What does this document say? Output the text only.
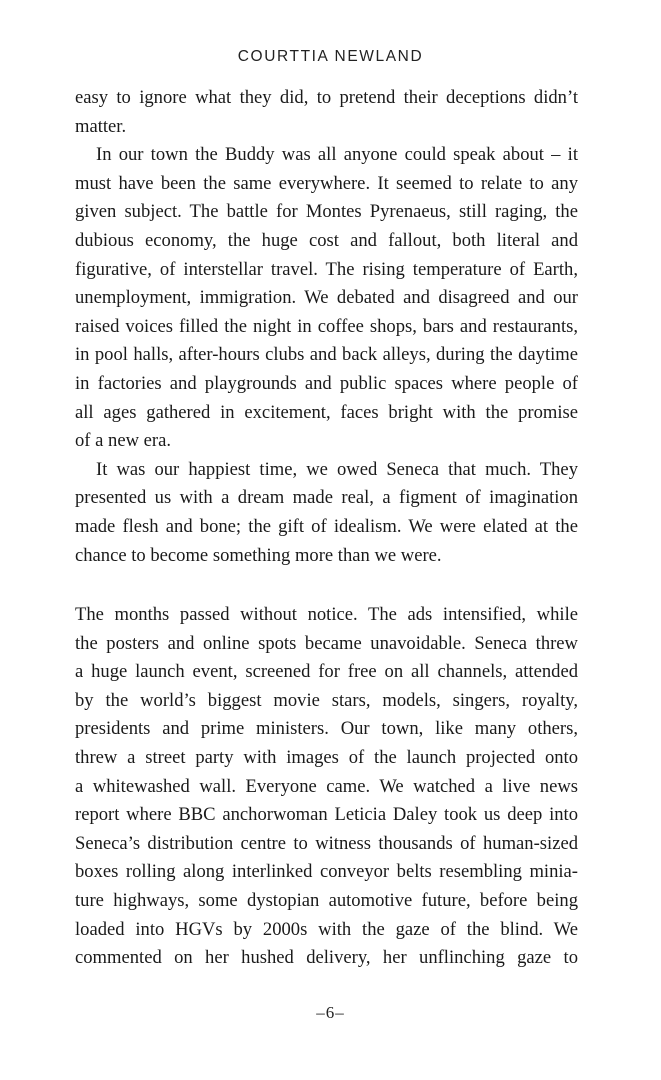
COURTTIA NEWLAND
easy to ignore what they did, to pretend their deceptions didn’t
matter.
In our town the Buddy was all anyone could speak about – it
must have been the same everywhere. It seemed to relate to any
given subject. The battle for Montes Pyrenaeus, still raging, the
dubious economy, the huge cost and fallout, both literal and
figurative, of interstellar travel. The rising temperature of Earth,
unemployment, immigration. We debated and disagreed and our
raised voices filled the night in coffee shops, bars and restaurants,
in pool halls, after-hours clubs and back alleys, during the daytime
in factories and playgrounds and public spaces where people of
all ages gathered in excitement, faces bright with the promise
of a new era.
It was our happiest time, we owed Seneca that much. They
presented us with a dream made real, a figment of imagination
made flesh and bone; the gift of idealism. We were elated at the
chance to become something more than we were.
The months passed without notice. The ads intensified, while
the posters and online spots became unavoidable. Seneca threw
a huge launch event, screened for free on all channels, attended
by the world’s biggest movie stars, models, singers, royalty,
presidents and prime ministers. Our town, like many others,
threw a street party with images of the launch projected onto
a whitewashed wall. Everyone came. We watched a live news
report where BBC anchorwoman Leticia Daley took us deep into
Seneca’s distribution centre to witness thousands of human-sized
boxes rolling along interlinked conveyor belts resembling minia-
ture highways, some dystopian automotive future, before being
loaded into HGVs by 2000s with the gaze of the blind. We
commented on her hushed delivery, her unflinching gaze to
–6–
